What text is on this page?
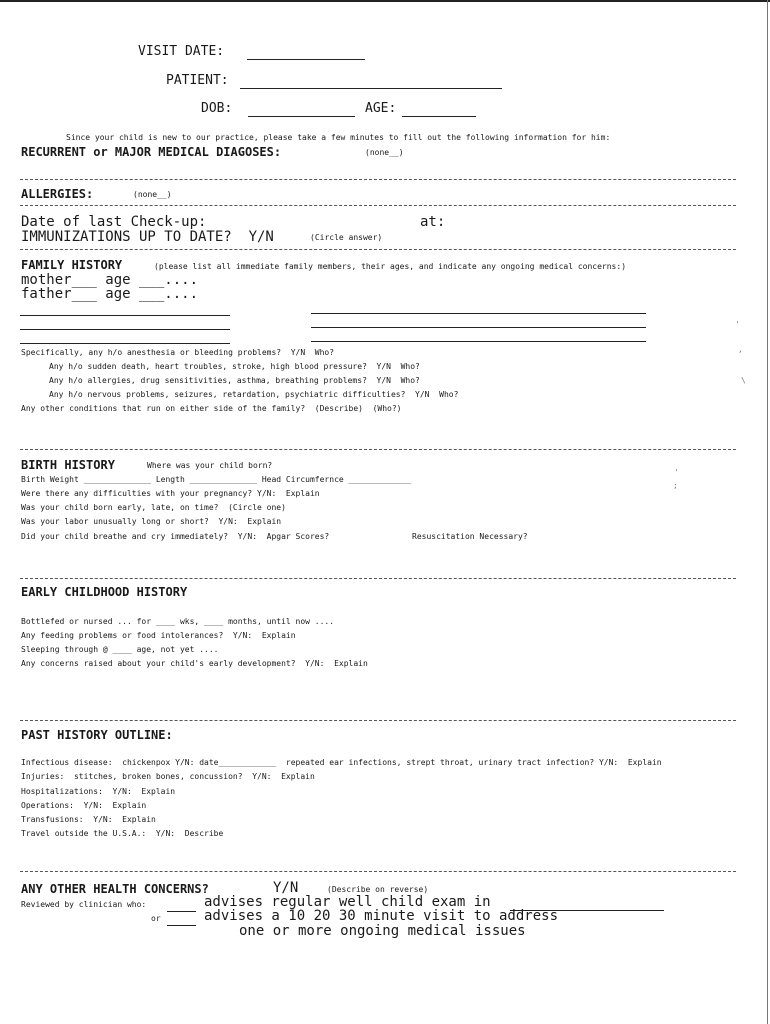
VISIT DATE:
PATIENT:
DOB:	AGE:
Since your child is new to our practice, please take a few minutes to fill out the following information for him:
RECURRENT or MAJOR MEDICAL DIAGOSES:	(none__)
ALLERGIES:	(none__)
Date of last Check-up:	at:
IMMUNIZATIONS UP TO DATE?  Y/N	(Circle answer)
FAMILY HISTORY	(please list all immediate family members, their ages, and indicate any ongoing medical concerns:)
mother___ age ___....
father___ age ___....
Specifically, any h/o anesthesia or bleeding problems?  Y/N  Who?
Any h/o sudden death, heart troubles, stroke, high blood pressure?  Y/N  Who?
Any h/o allergies, drug sensitivities, asthma, breathing problems?  Y/N  Who?
Any h/o nervous problems, seizures, retardation, psychiatric difficulties?  Y/N  Who?
Any other conditions that run on either side of the family?  (Describe)  (Who?)
BIRTH HISTORY	Where was your child born?
Birth Weight ______________ Length ______________ Head Circumfernce _____________
Were there any difficulties with your pregnancy? Y/N:  Explain
Was your child born early, late, on time?  (Circle one)
Was your labor unusually long or short?  Y/N:  Explain
Did your child breathe and cry immediately?  Y/N:  Apgar Scores?	Resuscitation Necessary?
EARLY CHILDHOOD HISTORY
Bottlefed or nursed ... for ____ wks, ____ months, until now ....
Any feeding problems or food intolerances?  Y/N:  Explain
Sleeping through @ ____ age, not yet ....
Any concerns raised about your child's early development?  Y/N:  Explain
PAST HISTORY OUTLINE:
Infectious disease:  chickenpox Y/N: date____________  repeated ear infections, strept throat, urinary tract infection? Y/N:  Explain
Injuries:  stitches, broken bones, concussion?  Y/N:  Explain
Hospitalizations:  Y/N:  Explain
Operations:  Y/N:  Explain
Transfusions:  Y/N:  Explain
Travel outside the U.S.A.:  Y/N:  Describe
ANY OTHER HEALTH CONCERNS?	Y/N	(Describe on reverse)
Reviewed by clinician who:	advises regular well child exam in
or	advises a 10 20 30 minute visit to address
one or more ongoing medical issues
'
,
\
'
;
